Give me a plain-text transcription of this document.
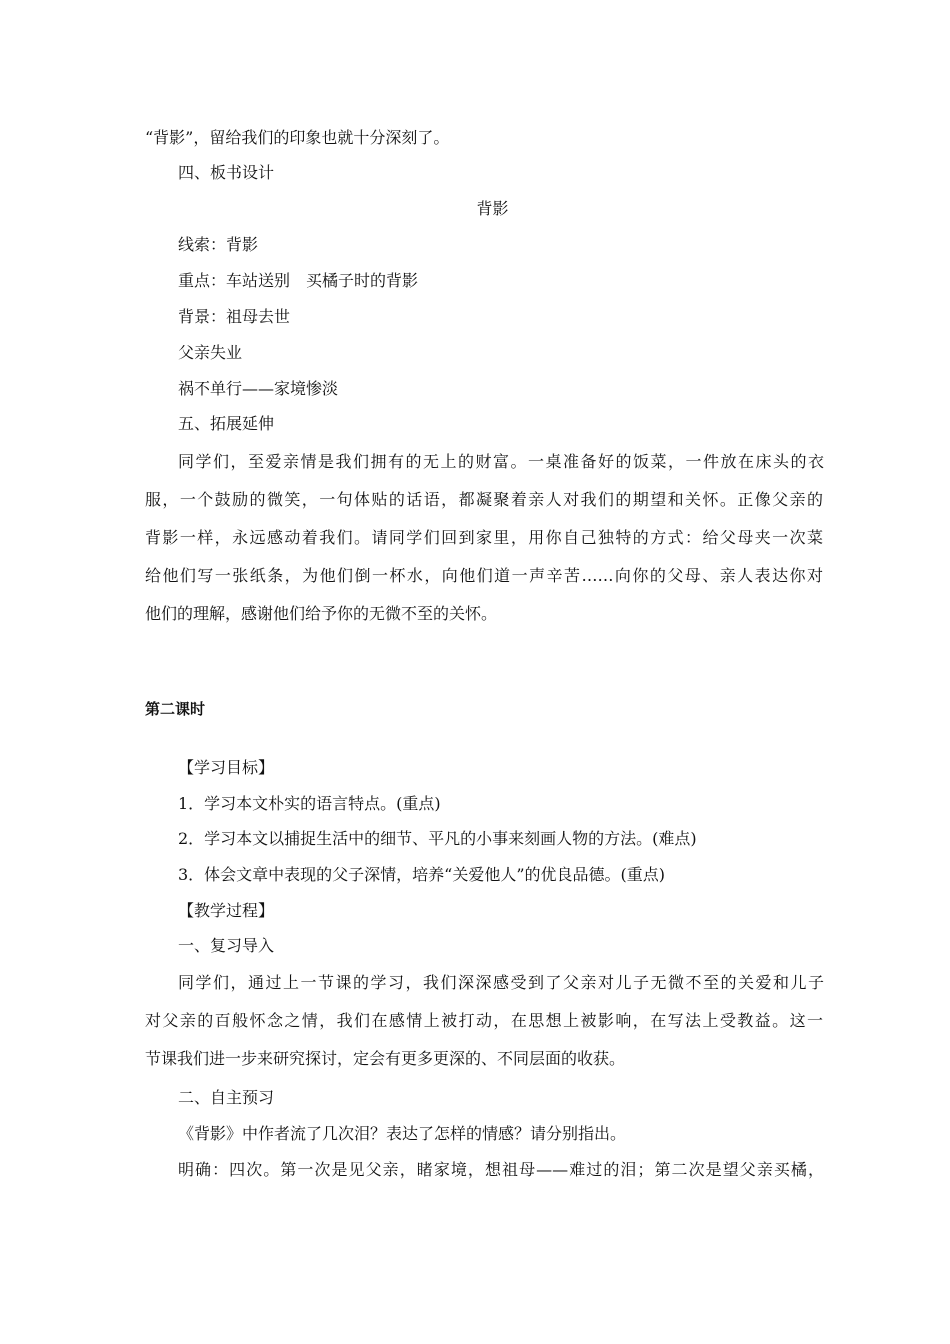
“背影”，留给我们的印象也就十分深刻了。
四、板书设计
背影
线索：背影
重点：车站送别　买橘子时的背影
背景：祖母去世
父亲失业
祸不单行——家境惨淡
五、拓展延伸
同学们，至爱亲情是我们拥有的无上的财富。一桌准备好的饭菜，一件放在床头的衣
服，一个鼓励的微笑，一句体贴的话语，都凝聚着亲人对我们的期望和关怀。正像父亲的
背影一样，永远感动着我们。请同学们回到家里，用你自己独特的方式：给父母夹一次菜
给他们写一张纸条，为他们倒一杯水，向他们道一声辛苦……向你的父母、亲人表达你对
他们的理解，感谢他们给予你的无微不至的关怀。
第二课时
【学习目标】
1．学习本文朴实的语言特点。(重点)
2．学习本文以捕捉生活中的细节、平凡的小事来刻画人物的方法。(难点)
3．体会文章中表现的父子深情，培养“关爱他人”的优良品德。(重点)
【教学过程】
一、复习导入
同学们，通过上一节课的学习，我们深深感受到了父亲对儿子无微不至的关爱和儿子
对父亲的百般怀念之情，我们在感情上被打动，在思想上被影响，在写法上受教益。这一
节课我们进一步来研究探讨，定会有更多更深的、不同层面的收获。
二、自主预习
《背影》中作者流了几次泪？表达了怎样的情感？请分别指出。
明确：四次。第一次是见父亲，睹家境，想祖母——难过的泪；第二次是望父亲买橘，
